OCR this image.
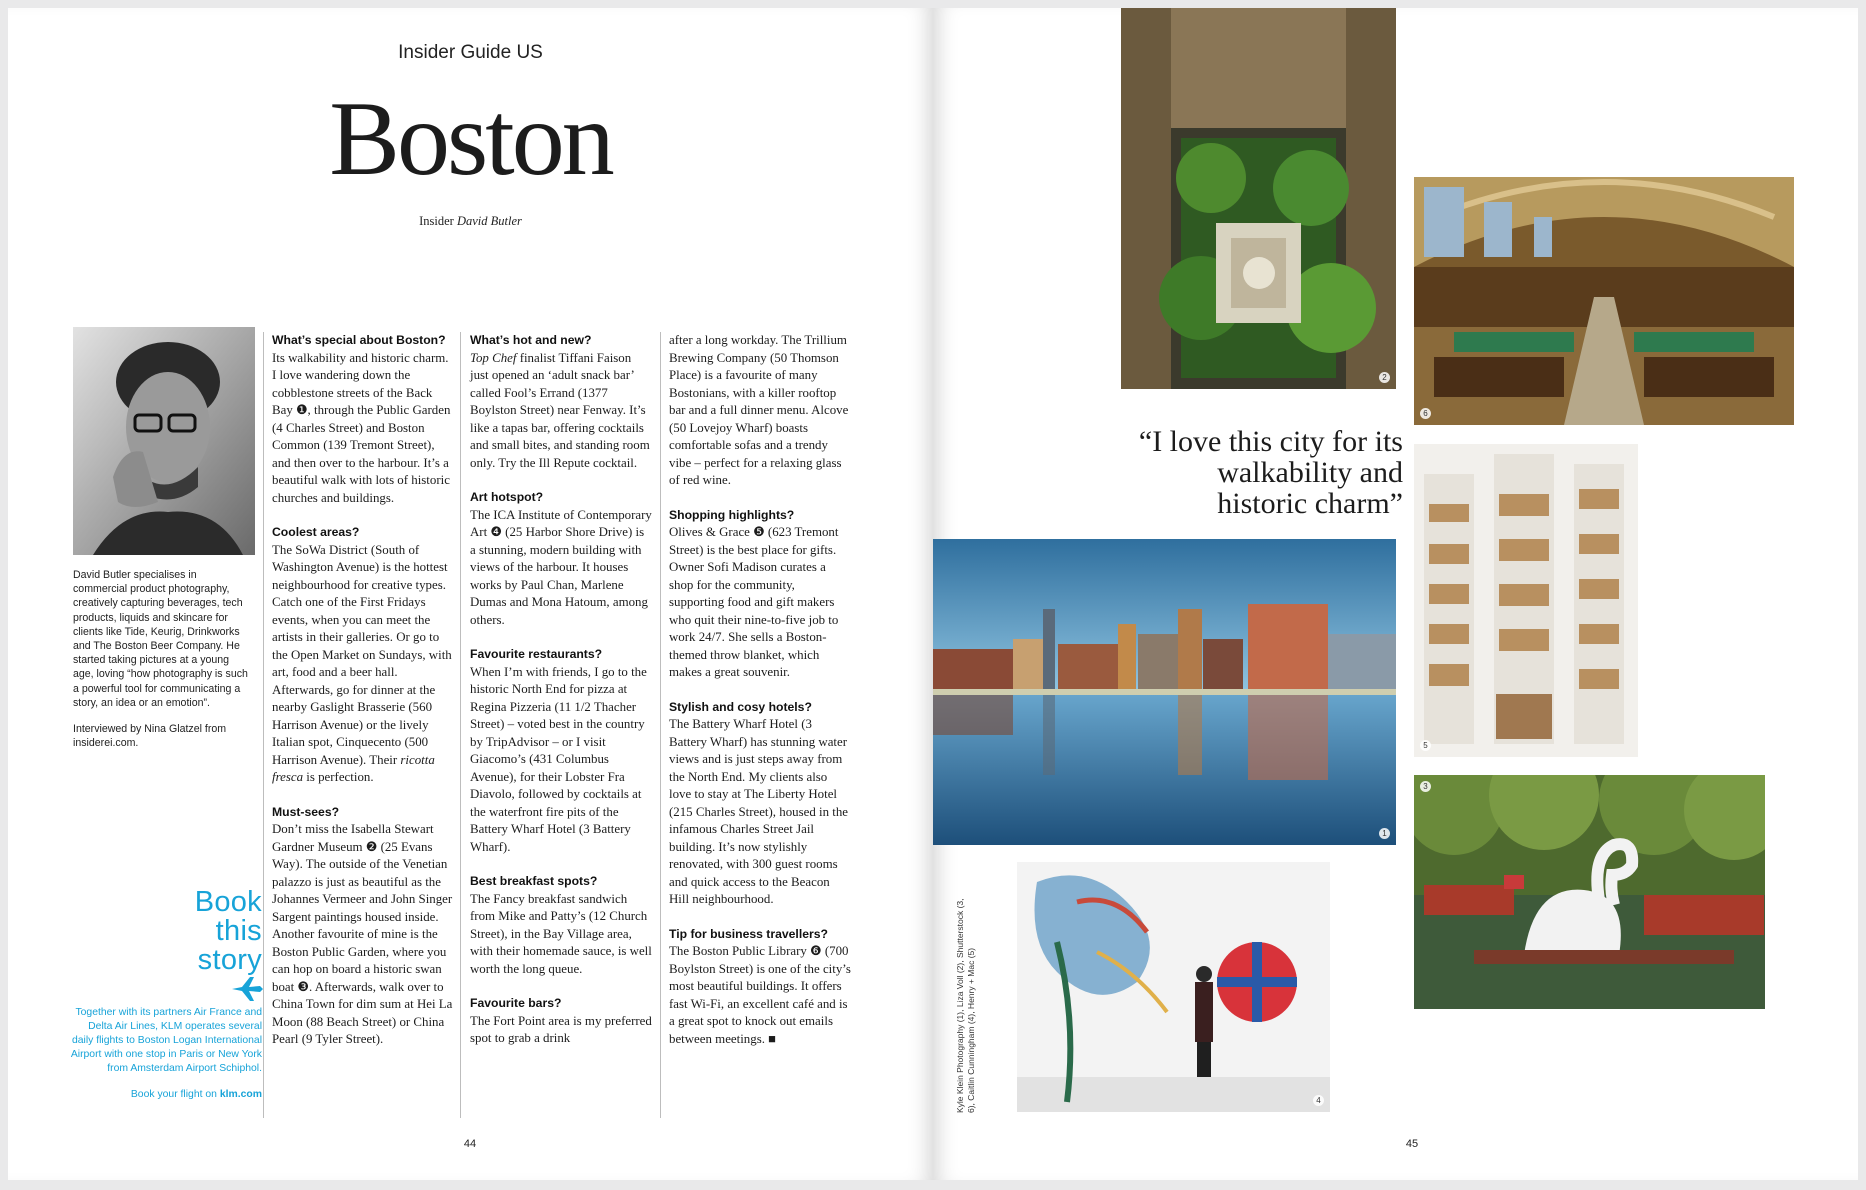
Insider Guide US
Boston
Insider David Butler

David Butler specialises in commercial product photography, creatively capturing beverages, tech products, liquids and skincare for clients like Tide, Keurig, Drinkworks and The Boston Beer Company. He started taking pictures at a young age, loving “how photography is such a powerful tool for communicating a story, an idea or an emotion”.

Interviewed by Nina Glatzel from insiderei.com.

Book
this
story

Together with its partners Air France and Delta Air Lines, KLM operates several daily flights to Boston Logan International Airport with one stop in Paris or New York from Amsterdam Airport Schiphol.

Book your flight on klm.com

What’s special about Boston?

Its walkability and historic charm. I love wandering down the cobblestone streets of the Back Bay ❶, through the Public Garden (4 Charles Street) and Boston Common (139 Tremont Street), and then over to the harbour. It’s a beautiful walk with lots of historic churches and buildings.

Coolest areas?

The SoWa District (South of Washington Avenue) is the hottest neighbourhood for creative types. Catch one of the First Fridays events, when you can meet the artists in their galleries. Or go to the Open Market on Sundays, with art, food and a beer hall. Afterwards, go for dinner at the nearby Gaslight Brasserie (560 Harrison Avenue) or the lively Italian spot, Cinquecento (500 Harrison Avenue). Their ricotta fresca is perfection.

Must-sees?

Don’t miss the Isabella Stewart Gardner Museum ❷ (25 Evans Way). The outside of the Venetian palazzo is just as beautiful as the Johannes Vermeer and John Singer Sargent paintings housed inside. Another favourite of mine is the Boston Public Garden, where you can hop on board a historic swan boat ❸. Afterwards, walk over to China Town for dim sum at Hei La Moon (88 Beach Street) or China Pearl (9 Tyler Street).

What’s hot and new?

Top Chef finalist Tiffani Faison just opened an ‘adult snack bar’ called Fool’s Errand (1377 Boylston Street) near Fenway. It’s like a tapas bar, offering cocktails and small bites, and standing room only. Try the Ill Repute cocktail.

Art hotspot?

The ICA Institute of Contemporary Art ❹ (25 Harbor Shore Drive) is a stunning, modern building with views of the harbour. It houses works by Paul Chan, Marlene Dumas and Mona Hatoum, among others.

Favourite restaurants?

When I’m with friends, I go to the historic North End for pizza at Regina Pizzeria (11 1/2 Thacher Street) – voted best in the country by TripAdvisor – or I visit Giacomo’s (431 Columbus Avenue), for their Lobster Fra Diavolo, followed by cocktails at the waterfront fire pits of the Battery Wharf Hotel (3 Battery Wharf).

Best breakfast spots?

The Fancy breakfast sandwich from Mike and Patty’s (12 Church Street), in the Bay Village area, with their homemade sauce, is well worth the long queue.

Favourite bars?

The Fort Point area is my preferred spot to grab a drink

after a long workday. The Trillium Brewing Company (50 Thomson Place) is a favourite of many Bostonians, with a killer rooftop bar and a full dinner menu. Alcove (50 Lovejoy Wharf) boasts comfortable sofas and a trendy vibe – perfect for a relaxing glass of red wine.

Shopping highlights?

Olives & Grace ❺ (623 Tremont Street) is the best place for gifts. Owner Sofi Madison curates a shop for the community, supporting food and gift makers who quit their nine-to-five job to work 24/7. She sells a Boston-themed throw blanket, which makes a great souvenir.

Stylish and cosy hotels?

The Battery Wharf Hotel (3 Battery Wharf) has stunning water views and is just steps away from the North End. My clients also love to stay at The Liberty Hotel (215 Charles Street), housed in the infamous Charles Street Jail building. It’s now stylishly renovated, with 300 guest rooms and quick access to the Beacon Hill neighbourhood.

Tip for business travellers?

The Boston Public Library ❻ (700 Boylston Street) is one of the city’s most beautiful buildings. It offers fast Wi-Fi, an excellent café and is a great spot to knock out emails between meetings. ■

44
2
6
“I love this city for its walkability and historic charm”
1
5
4
3
Kyle Klein Photography (1), Liza Voll (2), Shutterstock (3, 6), Caitlin Cunningham (4), Henry + Mac (5)
45
